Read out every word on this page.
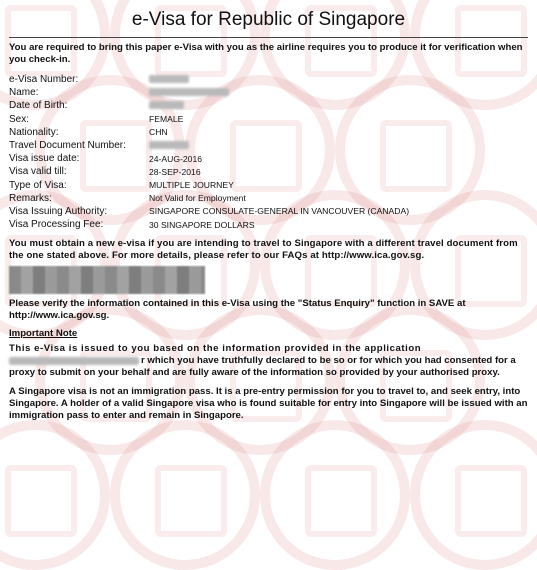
e-Visa for Republic of Singapore

You are required to bring this paper e-Visa with you as the airline requires you to produce it for verification when you check-in.

e-Visa Number:	
Name:	
Date of Birth:	
Sex:	FEMALE
Nationality:	CHN
Travel Document Number:	
Visa issue date:	24-AUG-2016
Visa valid till:	28-SEP-2016
Type of Visa:	MULTIPLE JOURNEY
Remarks:	Not Valid for Employment
Visa Issuing Authority:	SINGAPORE CONSULATE-GENERAL IN VANCOUVER (CANADA)
Visa Processing Fee:	30 SINGAPORE DOLLARS

You must obtain a new e-visa if you are intending to travel to Singapore with a different travel document from the one stated above. For more details, please refer to our FAQs at http://www.ica.gov.sg.

Please verify the information contained in this e-Visa using the "Status Enquiry" function in SAVE at http://www.ica.gov.sg.

Important Note

This e-Visa is issued to you based on the information provided in the application

r which you have truthfully declared to be so or for which you had consented for a proxy to submit on your behalf and are fully aware of the information so provided by your authorised proxy.

A Singapore visa is not an immigration pass. It is a pre-entry permission for you to travel to, and seek entry, into Singapore. A holder of a valid Singapore visa who is found suitable for entry into Singapore will be issued with an immigration pass to enter and remain in Singapore.
